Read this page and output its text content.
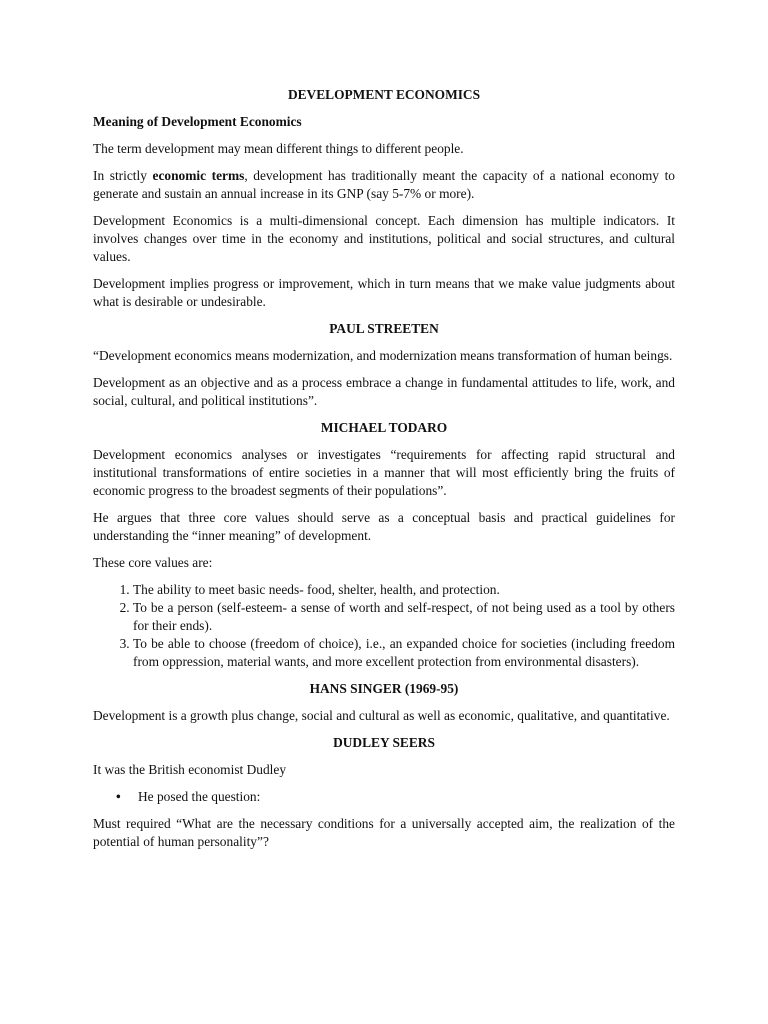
DEVELOPMENT ECONOMICS
Meaning of Development Economics

The term development may mean different things to different people.

In strictly economic terms, development has traditionally meant the capacity of a national economy to generate and sustain an annual increase in its GNP (say 5-7% or more).

Development Economics is a multi-dimensional concept. Each dimension has multiple indicators. It involves changes over time in the economy and institutions, political and social structures, and cultural values.

Development implies progress or improvement, which in turn means that we make value judgments about what is desirable or undesirable.

PAUL STREETEN

“Development economics means modernization, and modernization means transformation of human beings.

Development as an objective and as a process embrace a change in fundamental attitudes to life, work, and social, cultural, and political institutions”.

MICHAEL TODARO

Development economics analyses or investigates “requirements for affecting rapid structural and institutional transformations of entire societies in a manner that will most efficiently bring the fruits of economic progress to the broadest segments of their populations”.

He argues that three core values should serve as a conceptual basis and practical guidelines for understanding the “inner meaning” of development.

These core values are:

1. The ability to meet basic needs- food, shelter, health, and protection.
2. To be a person (self-esteem- a sense of worth and self-respect, of not being used as a tool by others for their ends).
3. To be able to choose (freedom of choice), i.e., an expanded choice for societies (including freedom from oppression, material wants, and more excellent protection from environmental disasters).
HANS SINGER (1969-95)

Development is a growth plus change, social and cultural as well as economic, qualitative, and quantitative.

DUDLEY SEERS

It was the British economist Dudley

• He posed the question:

Must required “What are the necessary conditions for a universally accepted aim, the realization of the potential of human personality”?
